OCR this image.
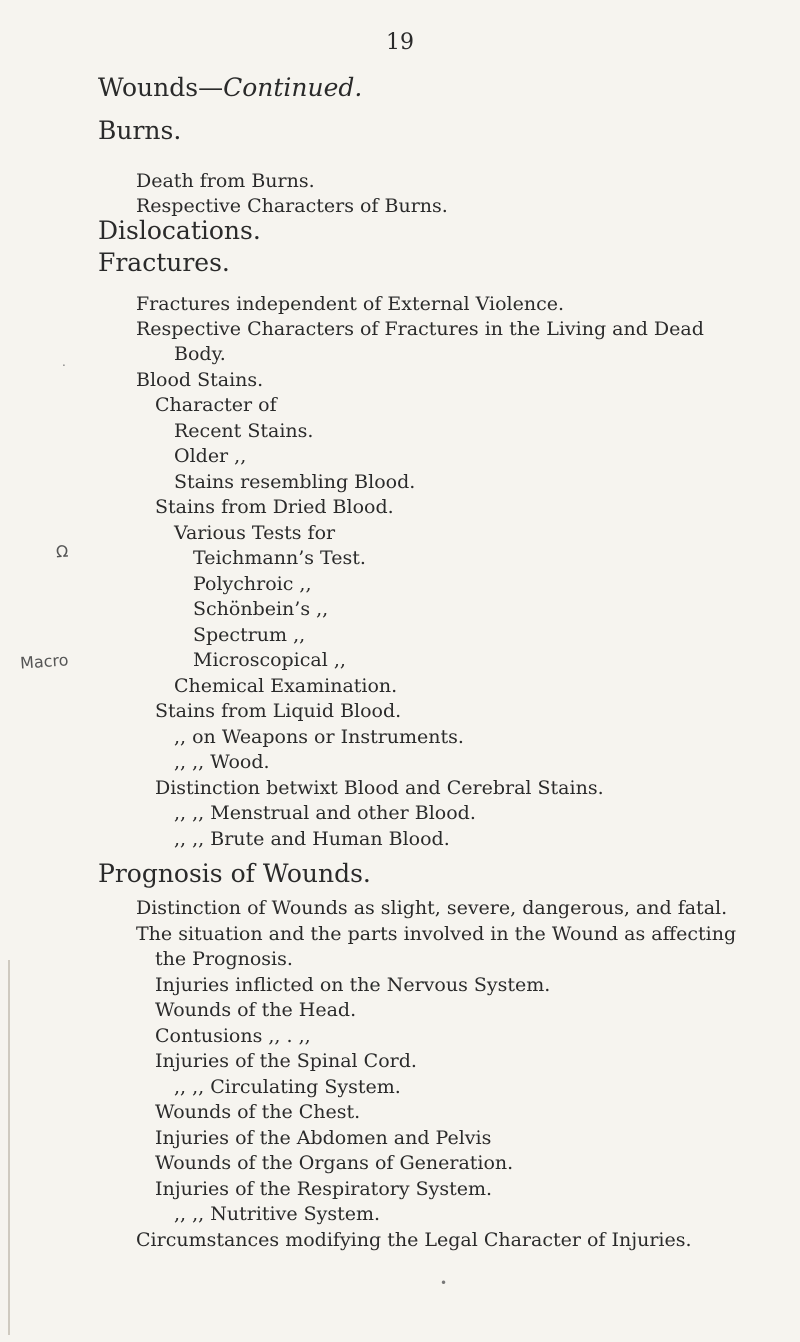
19
Wounds—Continued.
Burns.
Death from Burns.
Respective Characters of Burns.
Dislocations.
Fractures.
Fractures independent of External Violence.
Respective Characters of Fractures in the Living and Dead
Body.
Blood Stains.
Character of
Recent Stains.
Older ,,
Stains resembling Blood.
Stains from Dried Blood.
Various Tests for
Teichmann’s Test.
Polychroic ,,
Schönbein’s ,,
Spectrum ,,
Microscopical ,,
Chemical Examination.
Stains from Liquid Blood.
,, on Weapons or Instruments.
,, ,, Wood.
Distinction betwixt Blood and Cerebral Stains.
,, ,, Menstrual and other Blood.
,, ,, Brute and Human Blood.
Prognosis of Wounds.
Distinction of Wounds as slight, severe, dangerous, and fatal.
The situation and the parts involved in the Wound as affecting
the Prognosis.
Injuries inflicted on the Nervous System.
Wounds of the Head.
Contusions ,, . ,,
Injuries of the Spinal Cord.
,, ,, Circulating System.
Wounds of the Chest.
Injuries of the Abdomen and Pelvis
Wounds of the Organs of Generation.
Injuries of the Respiratory System.
,, ,, Nutritive System.
Circumstances modifying the Legal Character of Injuries.
Ω
Macro
.
•
